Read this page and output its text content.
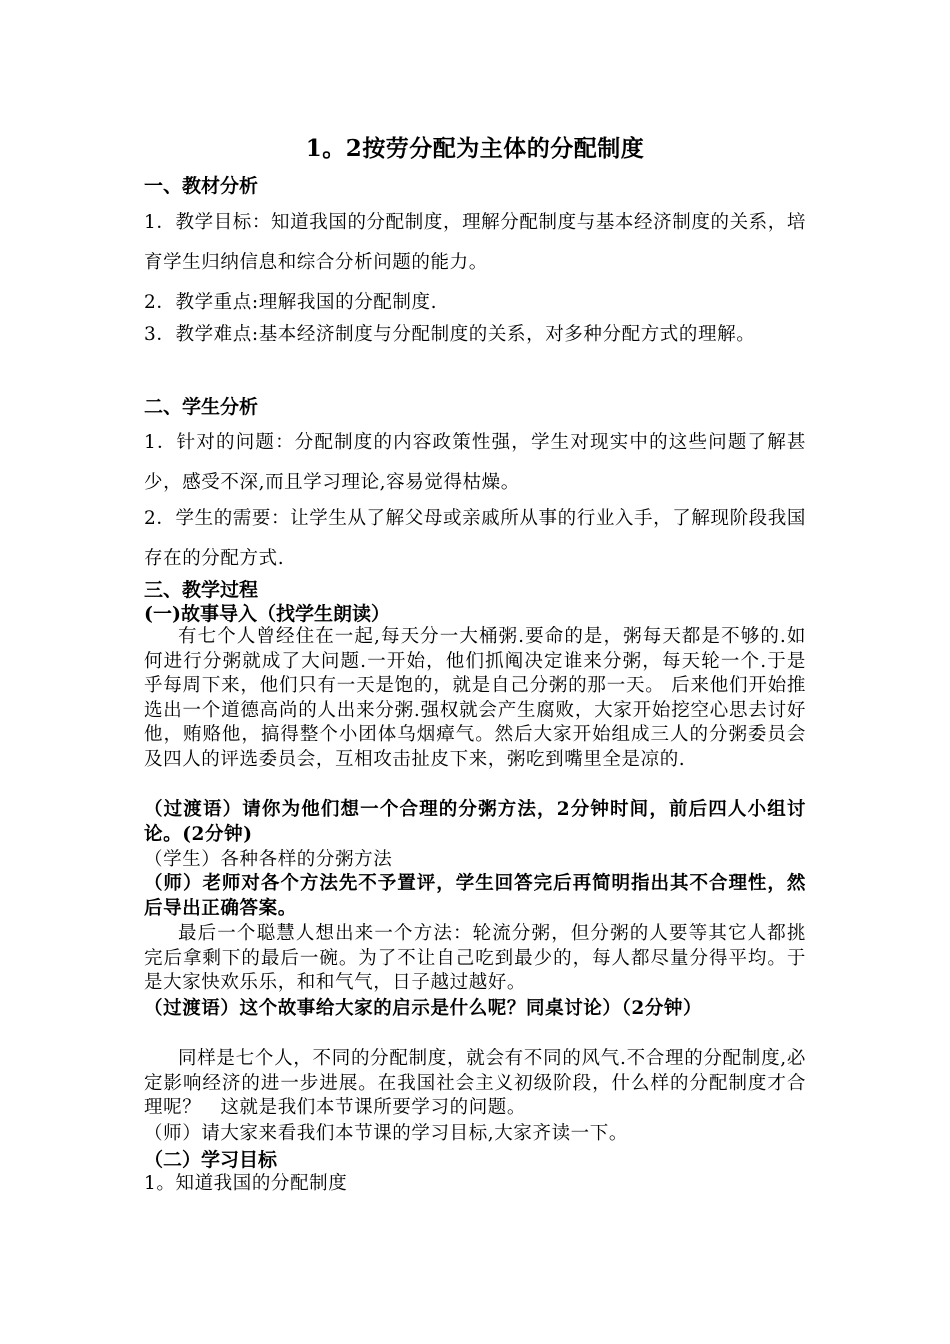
1。2按劳分配为主体的分配制度
一、教材分析

1．教学目标：知道我国的分配制度，理解分配制度与基本经济制度的关系，培育学生归纳信息和综合分析问题的能力。

2．教学重点:理解我国的分配制度.

3．教学难点:基本经济制度与分配制度的关系，对多种分配方式的理解。

二、学生分析

1．针对的问题：分配制度的内容政策性强，学生对现实中的这些问题了解甚少，感受不深,而且学习理论,容易觉得枯燥。

2．学生的需要：让学生从了解父母或亲戚所从事的行业入手，了解现阶段我国存在的分配方式.

三、教学过程
(一)故事导入（找学生朗读）

有七个人曾经住在一起,每天分一大桶粥.要命的是，粥每天都是不够的.如何进行分粥就成了大问题.一开始，他们抓阄决定谁来分粥，每天轮一个.于是乎每周下来，他们只有一天是饱的，就是自己分粥的那一天。 后来他们开始推选出一个道德高尚的人出来分粥.强权就会产生腐败，大家开始挖空心思去讨好他，贿赂他，搞得整个小团体乌烟瘴气。然后大家开始组成三人的分粥委员会及四人的评选委员会，互相攻击扯皮下来，粥吃到嘴里全是凉的.

（过渡语）请你为他们想一个合理的分粥方法，2分钟时间，前后四人小组讨论。(2分钟)

（学生）各种各样的分粥方法

（师）老师对各个方法先不予置评，学生回答完后再简明指出其不合理性，然后导出正确答案。

最后一个聪慧人想出来一个方法：轮流分粥，但分粥的人要等其它人都挑完后拿剩下的最后一碗。为了不让自己吃到最少的，每人都尽量分得平均。于是大家快欢乐乐，和和气气，日子越过越好。

（过渡语）这个故事给大家的启示是什么呢？同桌讨论）（2分钟）

同样是七个人，不同的分配制度，就会有不同的风气.不合理的分配制度,必定影响经济的进一步进展。在我国社会主义初级阶段，什么样的分配制度才合理呢？　这就是我们本节课所要学习的问题。

（师）请大家来看我们本节课的学习目标,大家齐读一下。

（二）学习目标

1。知道我国的分配制度
